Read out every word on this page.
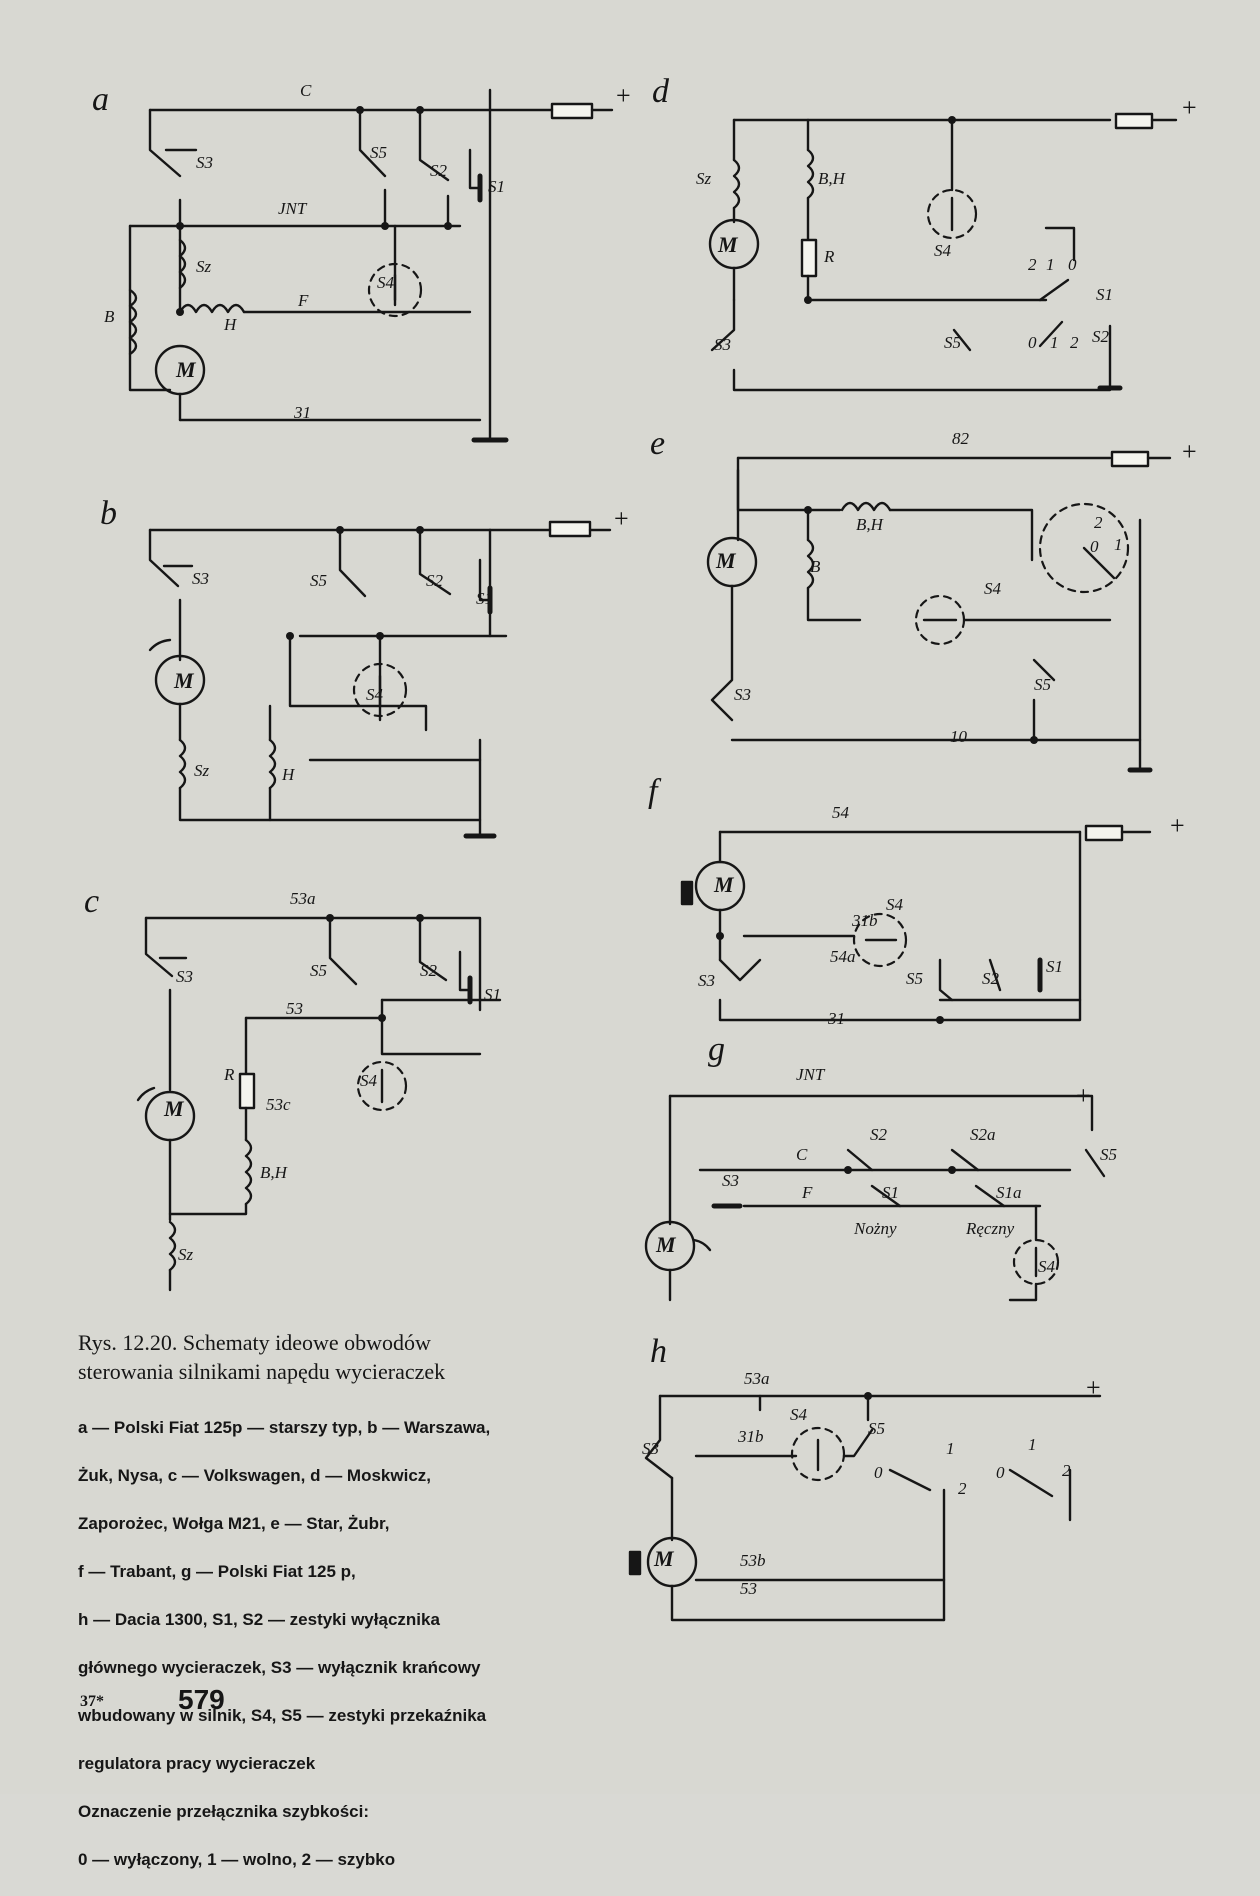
a	C
F
31
S3
S5
S2
S1
JNT
Sz
S4
B	H
M
+
b
S3	S5	S2
S1
S4
M
Sz	H
+
c	53a
53
53c
S3	S5	S2
S1
S4
R
M
B,H
Sz
d
Sz	B,H
S4
M	R
S3	S5
S1
S2
2 1 0
0 1 2
+
e	82
10
B,H
M	B
S4
S3
S5
0 1
2
+
f
54
31b
54a
31
M
S4
S3	S5	S2
S1
+
g
JNT
S2	S2a
S5
C
S3
F	S1	S1a
M
S4
Nożny	Ręczny
+
h
53a
31b
53b
53
S4
S5
S3
M
0
1
2
0
1
2
+
Rys. 12.20. Schematy ideowe obwodów
sterowania silnikami napędu wycieraczek

a — Polski Fiat 125p — starszy typ, b — Warszawa,

Żuk, Nysa, c — Volkswagen, d — Moskwicz,

Zaporożec, Wołga M21, e — Star, Żubr,

f — Trabant, g — Polski Fiat 125 p,

h — Dacia 1300, S1, S2 — zestyki wyłącznika

głównego wycieraczek, S3 — wyłącznik krańcowy

wbudowany w silnik, S4, S5 — zestyki przekaźnika

regulatora pracy wycieraczek

Oznaczenie przełącznika szybkości:

0 — wyłączony, 1 — wolno, 2 — szybko

37*	579
